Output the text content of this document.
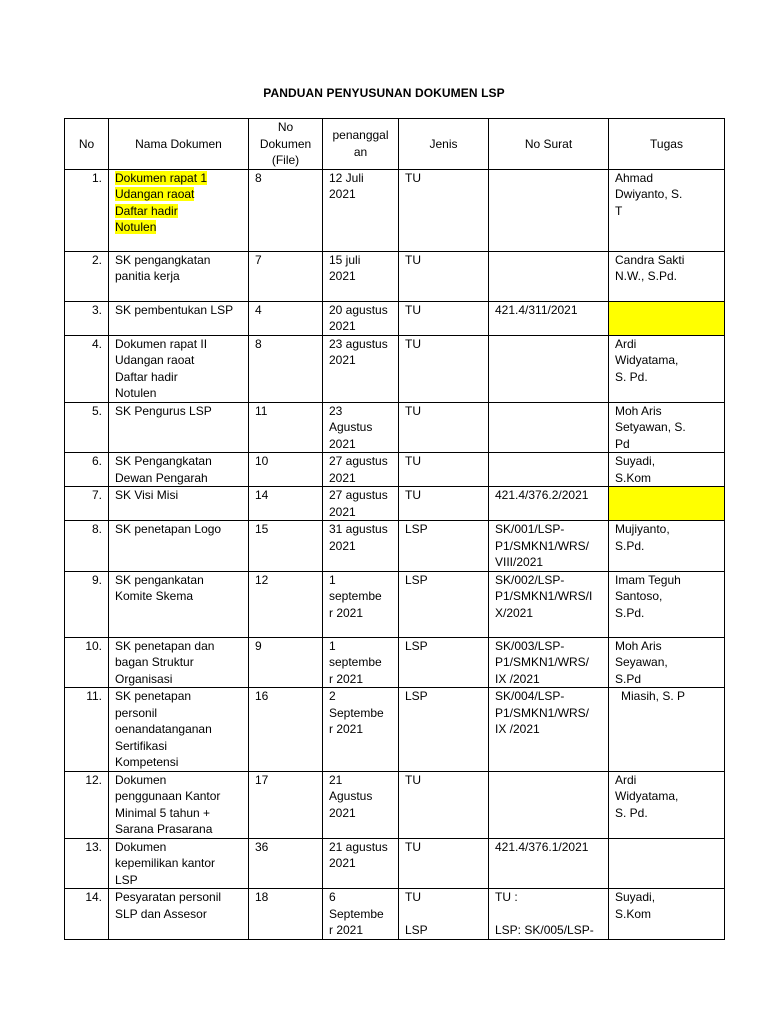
PANDUAN PENYUSUNAN DOKUMEN LSP
No	Nama Dokumen	No
Dokumen
(File)	penanggal
an	Jenis	No Surat	Tugas
1.	Dokumen rapat 1
Udangan raoat
Daftar hadir
Notulen	8	12 Juli
2021	TU		Ahmad
Dwiyanto, S.
T

2.	SK pengangkatan
panitia kerja	7	15 juli
2021	TU		Candra Sakti
N.W., S.Pd.

3.	SK pembentukan LSP	4	20 agustus
2021	TU	421.4/311/2021	

4.	Dokumen rapat II
Udangan raoat
Daftar hadir
Notulen	8	23 agustus
2021	TU		Ardi
Widyatama,
S. Pd.

5.	SK Pengurus LSP	11	23
Agustus
2021	TU		Moh Aris
Setyawan, S.
Pd

6.	SK Pengangkatan
Dewan Pengarah	10	27 agustus
2021	TU		Suyadi,
S.Kom

7.	SK Visi Misi	14	27 agustus
2021	TU	421.4/376.2/2021	

8.	SK penetapan Logo	15	31 agustus
2021	LSP	SK/001/LSP-
P1/SMKN1/WRS/
VIII/2021	Mujiyanto,
S.Pd.

9.	SK pengankatan
Komite Skema	12	1
septembe
r 2021	LSP	SK/002/LSP-
P1/SMKN1/WRS/I
X/2021	Imam Teguh
Santoso,
S.Pd.

10.	SK penetapan dan
bagan Struktur
Organisasi	9	1
septembe
r 2021	LSP	SK/003/LSP-
P1/SMKN1/WRS/
IX /2021	Moh Aris
Seyawan,
S.Pd

11.	SK penetapan
personil
oenandatanganan
Sertifikasi
Kompetensi	16	2
Septembe
r 2021	LSP	SK/004/LSP-
P1/SMKN1/WRS/
IX /2021	Miasih, S. P

12.	Dokumen
penggunaan Kantor
Minimal 5 tahun +
Sarana Prasarana	17	21
Agustus
2021	TU		Ardi
Widyatama,
S. Pd.

13.	Dokumen
kepemilikan kantor
LSP	36	21 agustus
2021	TU	421.4/376.1/2021	

14.	Pesyaratan personil
SLP dan Assesor	18	6
Septembe
r 2021	TU
LSP	TU :
LSP: SK/005/LSP-	Suyadi,
S.Kom
